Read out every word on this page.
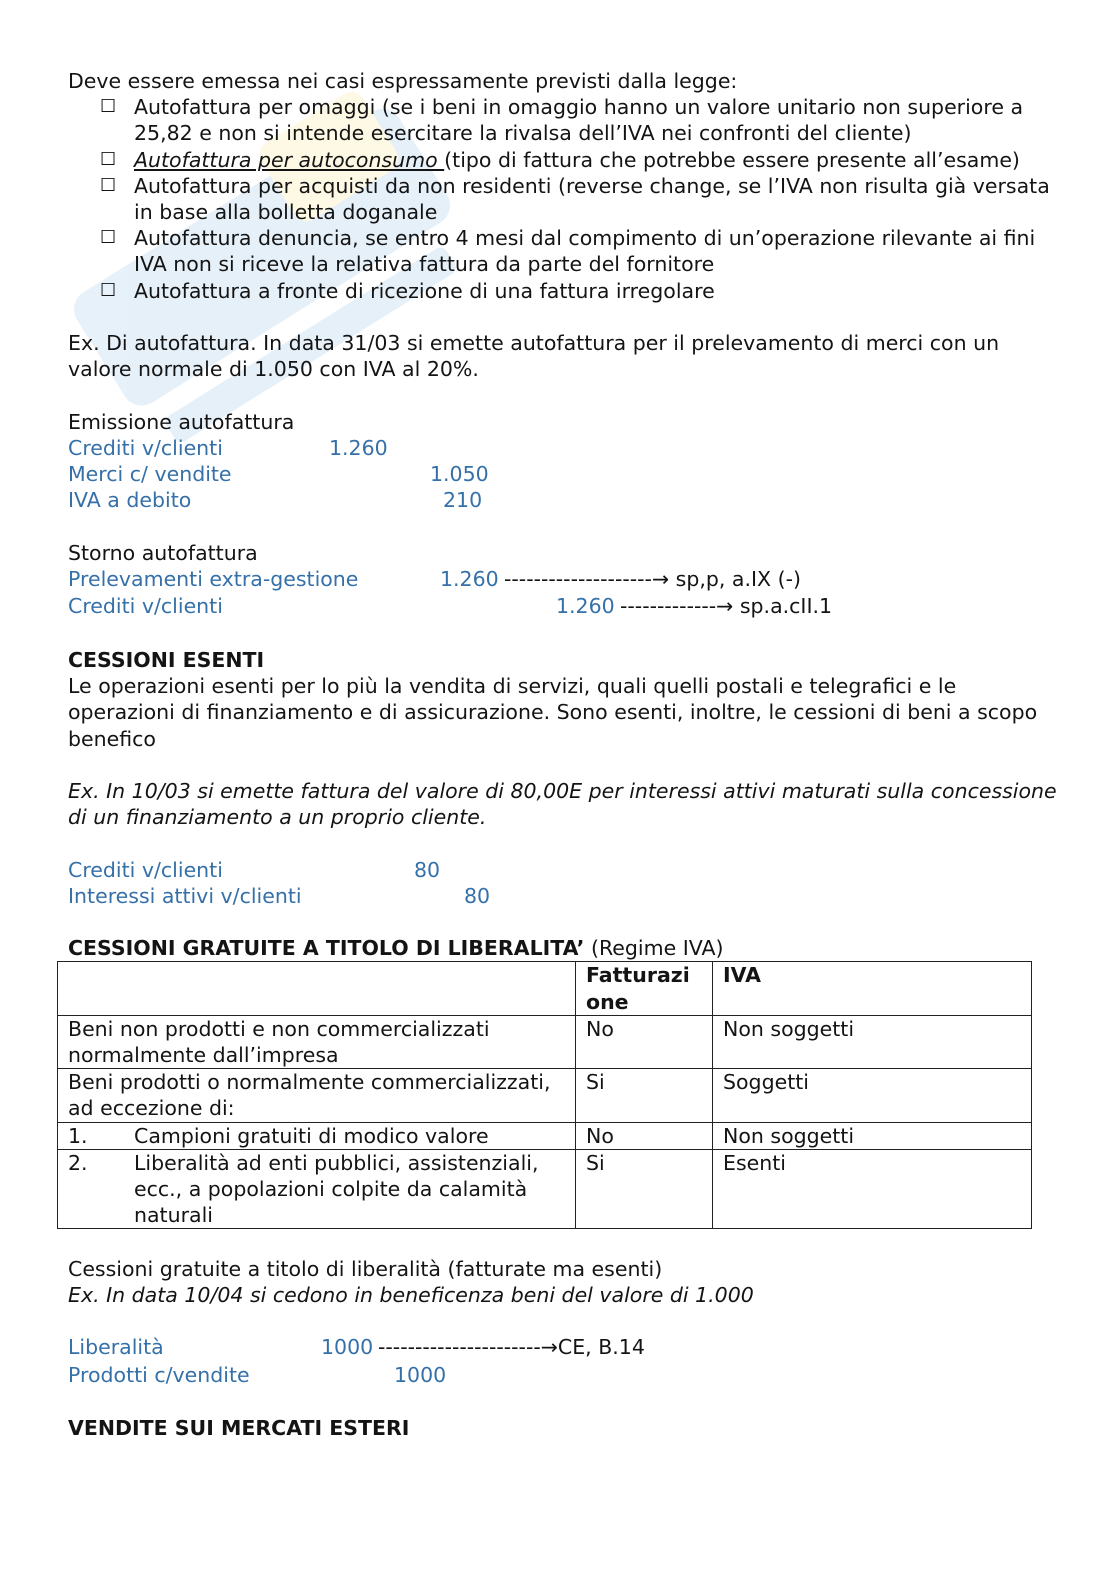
Deve essere emessa nei casi espressamente previsti dalla legge:

☐ Autofattura per omaggi (se i beni in omaggio hanno un valore unitario non superiore a 25,82 e non si intende esercitare la rivalsa dell’IVA nei confronti del cliente)
☐ Autofattura per autoconsumo (tipo di fattura che potrebbe essere presente all’esame)
☐ Autofattura per acquisti da non residenti (reverse change, se l’IVA non risulta già versata in base alla bolletta doganale
☐ Autofattura denuncia, se entro 4 mesi dal compimento di un’operazione rilevante ai fini IVA non si riceve la relativa fattura da parte del fornitore
☐ Autofattura a fronte di ricezione di una fattura irregolare

Ex. Di autofattura. In data 31/03 si emette autofattura per il prelevamento di merci con un valore normale di 1.050 con IVA al 20%.

Emissione autofattura

Crediti v/clienti	1.260
Merci c/ vendite	1.050
IVA a debito	210

Storno autofattura

Prelevamenti extra-gestione	1.260 --------------------→ sp,p, a.IX (-)
Crediti v/clienti	1.260 -------------→ sp.a.cII.1

CESSIONI ESENTI

Le operazioni esenti per lo più la vendita di servizi, quali quelli postali e telegrafici e le operazioni di finanziamento e di assicurazione. Sono esenti, inoltre, le cessioni di beni a scopo benefico

Ex. In 10/03 si emette fattura del valore di 80,00E per interessi attivi maturati sulla concessione di un finanziamento a un proprio cliente.

Crediti v/clienti	80
Interessi attivi v/clienti	80

CESSIONI GRATUITE A TITOLO DI LIBERALITA’ (Regime IVA)

	Fatturazione	IVA
Beni non prodotti e non commercializzati normalmente dall’impresa	No	Non soggetti
Beni prodotti o normalmente commercializzati, ad eccezione di:	Si	Soggetti
1. Campioni gratuiti di modico valore	No	Non soggetti

2. Liberalità ad enti pubblici, assistenziali, ecc., a popolazioni colpite da calamità naturali	Si	Esenti

Cessioni gratuite a titolo di liberalità (fatturate ma esenti)

Ex. In data 10/04 si cedono in beneficenza beni del valore di 1.000

Liberalità	1000 ----------------------→CE, B.14
Prodotti c/vendite	1000

VENDITE SUI MERCATI ESTERI
